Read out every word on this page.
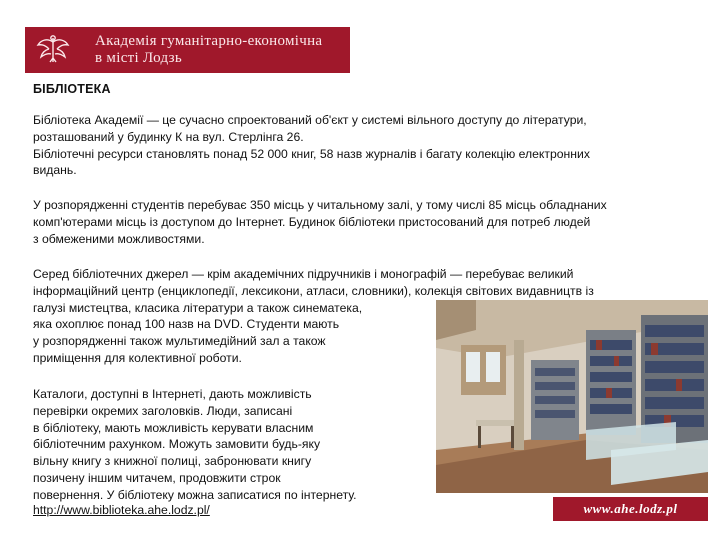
Академія гуманітарно-економічна
в місті Лодзь
БІБЛІОТЕКА

Бібліотека Академії — це сучасно спроектований об'єкт у системі вільного доступу до літератури,
розташований у будинку К на вул. Стерлінга 26.
Бібліотечні ресурси становлять понад 52 000 книг, 58 назв журналів і багату колекцію електронних
видань.

У розпорядженні студентів перебуває 350 місць у читальному залі, у тому числі 85 місць обладнаних
комп'ютерами місць із доступом до Інтернет. Будинок бібліотеки пристосований для потреб людей
з обмеженими можливостями.

Серед бібліотечних джерел — крім академічних підручників і монографій — перебуває великий
інформаційний центр (енциклопедії, лексикони, атласи, словники), колекція світових видавництв із
галузі мистецтва, класика літератури а також синематека,
яка охоплює понад 100 назв на DVD. Студенти мають
у розпорядженні також мультимедійний зал а також
приміщення для колективної роботи.

Каталоги, доступні в Інтернеті, дають можливість
перевірки окремих заголовків. Люди, записані
в бібліотеку, мають можливість керувати власним
бібліотечним рахунком. Можуть замовити будь-яку
вільну книгу з книжної полиці, забронювати книгу
позичену іншим читачем, продовжити строк
повернення. У бібліотеку можна записатися по інтернету.

http://www.biblioteka.ahe.lodz.pl/	www.ahe.lodz.pl
